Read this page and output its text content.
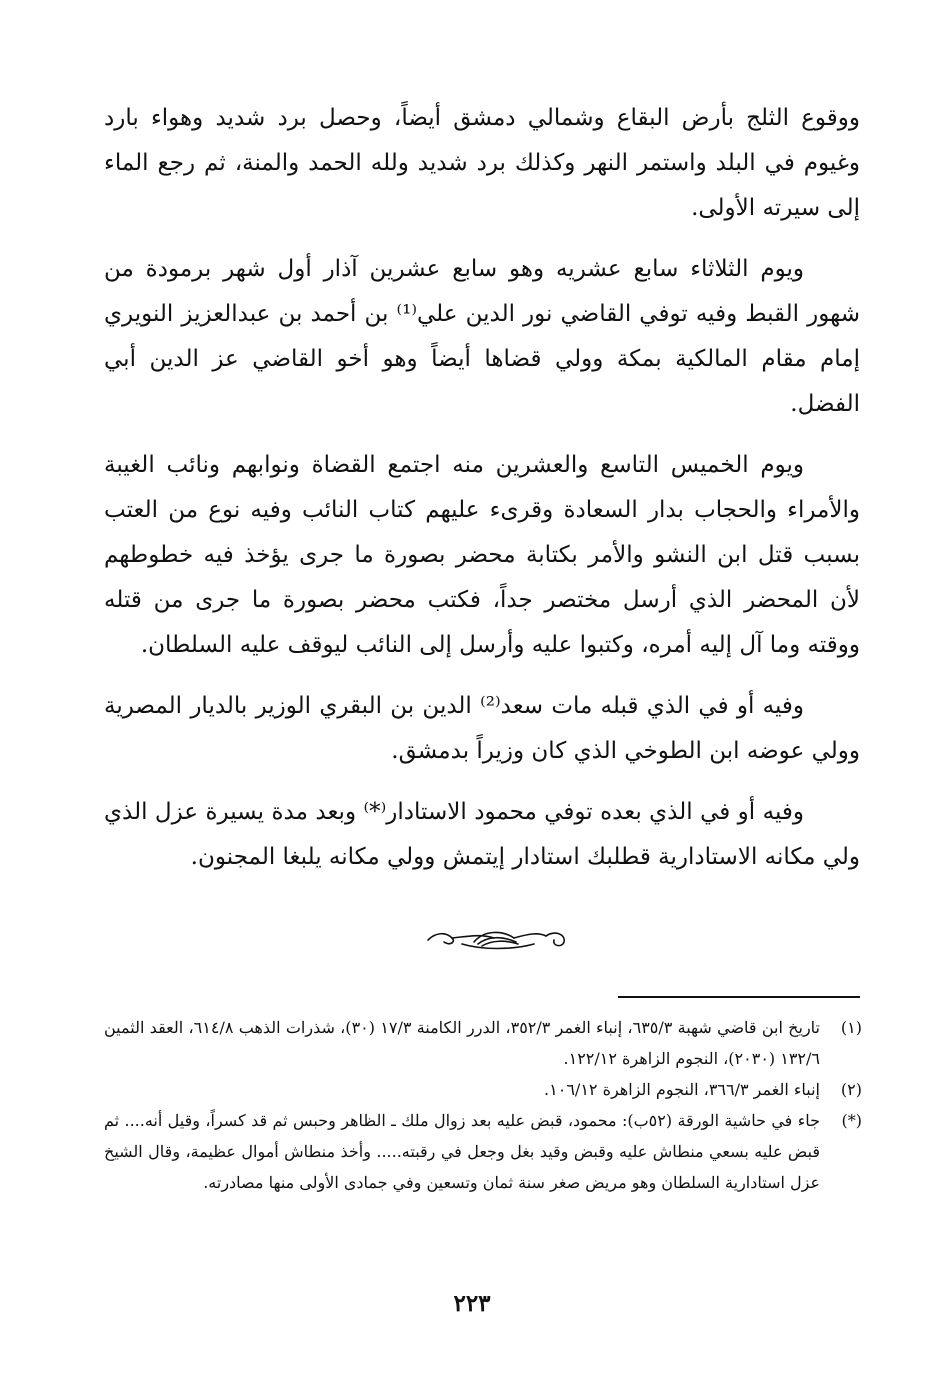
ووقوع الثلج بأرض البقاع وشمالي دمشق أيضاً، وحصل برد شديد وهواء بارد وغيوم في البلد واستمر النهر وكذلك برد شديد ولله الحمد والمنة، ثم رجع الماء إلى سيرته الأولى.

ويوم الثلاثاء سابع عشريه وهو سابع عشرين آذار أول شهر برمودة من شهور القبط وفيه توفي القاضي نور الدين علي⁽¹⁾ بن أحمد بن عبدالعزيز النويري إمام مقام المالكية بمكة وولي قضاها أيضاً وهو أخو القاضي عز الدين أبي الفضل.

ويوم الخميس التاسع والعشرين منه اجتمع القضاة ونوابهم ونائب الغيبة والأمراء والحجاب بدار السعادة وقرىء عليهم كتاب النائب وفيه نوع من العتب بسبب قتل ابن النشو والأمر بكتابة محضر بصورة ما جرى يؤخذ فيه خطوطهم لأن المحضر الذي أرسل مختصر جداً، فكتب محضر بصورة ما جرى من قتله ووقته وما آل إليه أمره، وكتبوا عليه وأرسل إلى النائب ليوقف عليه السلطان.

وفيه أو في الذي قبله مات سعد⁽²⁾ الدين بن البقري الوزير بالديار المصرية وولي عوضه ابن الطوخي الذي كان وزيراً بدمشق.

وفيه أو في الذي بعده توفي محمود الاستادار⁽*⁾ وبعد مدة يسيرة عزل الذي ولي مكانه الاستادارية قطلبك استادار إيتمش وولي مكانه يلبغا المجنون.

(١)
تاريخ ابن قاضي شهبة ٦٣٥/٣، إنباء الغمر ٣٥٢/٣، الدرر الكامنة ١٧/٣ (٣٠)، شذرات الذهب ٦١٤/٨، العقد الثمين ١٣٢/٦ (٢٠٣٠)، النجوم الزاهرة ١٢٢/١٢.
(٢)
إنباء الغمر ٣٦٦/٣، النجوم الزاهرة ١٠٦/١٢.
(*)
جاء في حاشية الورقة (٥٢ب): محمود، قبض عليه بعد زوال ملك ـ الظاهر وحبس ثم قد كسراً، وقيل أنه.... ثم قبض عليه بسعي منطاش عليه وقبض وقيد بغل وجعل في رقبته..... وأخذ منطاش أموال عظيمة، وقال الشيخ عزل استادارية السلطان وهو مريض صغر سنة ثمان وتسعين وفي جمادى الأولى منها مصادرته.
٢٢٣
